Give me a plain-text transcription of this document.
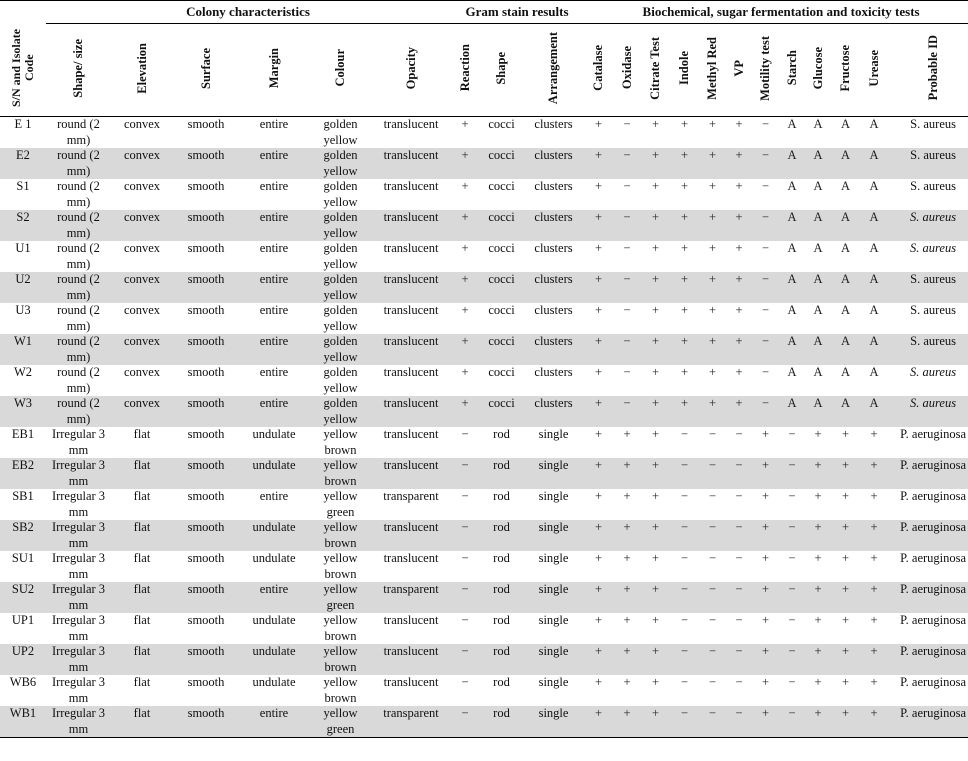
	Colony characteristics						Gram stain results			Biochemical, sugar fermentation and toxicity tests											
S/N and Isolate Code	Shape/ size	Elevation	Surface	Margin	Colour	Opacity	Reaction	Shape	Arrangement	Catalase	Oxidase	Citrate Test	Indole	Methyl Red	VP	Motility test	Starch	Glucose	Fructose	Urease	Probable ID
E 1	round (2 mm)	convex	smooth	entire	golden yellow	translucent	+	cocci	clusters	+	−	+	+	+	+	−	A	A	A	A	S. aureus
E2	round (2 mm)	convex	smooth	entire	golden yellow	translucent	+	cocci	clusters	+	−	+	+	+	+	−	A	A	A	A	S. aureus
S1	round (2 mm)	convex	smooth	entire	golden yellow	translucent	+	cocci	clusters	+	−	+	+	+	+	−	A	A	A	A	S. aureus
S2	round (2 mm)	convex	smooth	entire	golden yellow	translucent	+	cocci	clusters	+	−	+	+	+	+	−	A	A	A	A	S. aureus
U1	round (2 mm)	convex	smooth	entire	golden yellow	translucent	+	cocci	clusters	+	−	+	+	+	+	−	A	A	A	A	S. aureus
U2	round (2 mm)	convex	smooth	entire	golden yellow	translucent	+	cocci	clusters	+	−	+	+	+	+	−	A	A	A	A	S. aureus
U3	round (2 mm)	convex	smooth	entire	golden yellow	translucent	+	cocci	clusters	+	−	+	+	+	+	−	A	A	A	A	S. aureus
W1	round (2 mm)	convex	smooth	entire	golden yellow	translucent	+	cocci	clusters	+	−	+	+	+	+	−	A	A	A	A	S. aureus
W2	round (2 mm)	convex	smooth	entire	golden yellow	translucent	+	cocci	clusters	+	−	+	+	+	+	−	A	A	A	A	S. aureus
W3	round (2 mm)	convex	smooth	entire	golden yellow	translucent	+	cocci	clusters	+	−	+	+	+	+	−	A	A	A	A	S. aureus
EB1	Irregular 3 mm	flat	smooth	undulate	yellow brown	translucent	−	rod	single	+	+	+	−	−	−	+	−	+	+	+	P. aeruginosa
EB2	Irregular 3 mm	flat	smooth	undulate	yellow brown	translucent	−	rod	single	+	+	+	−	−	−	+	−	+	+	+	P. aeruginosa
SB1	Irregular 3 mm	flat	smooth	entire	yellow green	transparent	−	rod	single	+	+	+	−	−	−	+	−	+	+	+	P. aeruginosa
SB2	Irregular 3 mm	flat	smooth	undulate	yellow brown	translucent	−	rod	single	+	+	+	−	−	−	+	−	+	+	+	P. aeruginosa
SU1	Irregular 3 mm	flat	smooth	undulate	yellow brown	translucent	−	rod	single	+	+	+	−	−	−	+	−	+	+	+	P. aeruginosa
SU2	Irregular 3 mm	flat	smooth	entire	yellow green	transparent	−	rod	single	+	+	+	−	−	−	+	−	+	+	+	P. aeruginosa
UP1	Irregular 3 mm	flat	smooth	undulate	yellow brown	translucent	−	rod	single	+	+	+	−	−	−	+	−	+	+	+	P. aeruginosa
UP2	Irregular 3 mm	flat	smooth	undulate	yellow brown	translucent	−	rod	single	+	+	+	−	−	−	+	−	+	+	+	P. aeruginosa
WB6	Irregular 3 mm	flat	smooth	undulate	yellow brown	translucent	−	rod	single	+	+	+	−	−	−	+	−	+	+	+	P. aeruginosa
WB1	Irregular 3 mm	flat	smooth	entire	yellow green	transparent	−	rod	single	+	+	+	−	−	−	+	−	+	+	+	P. aeruginosa
